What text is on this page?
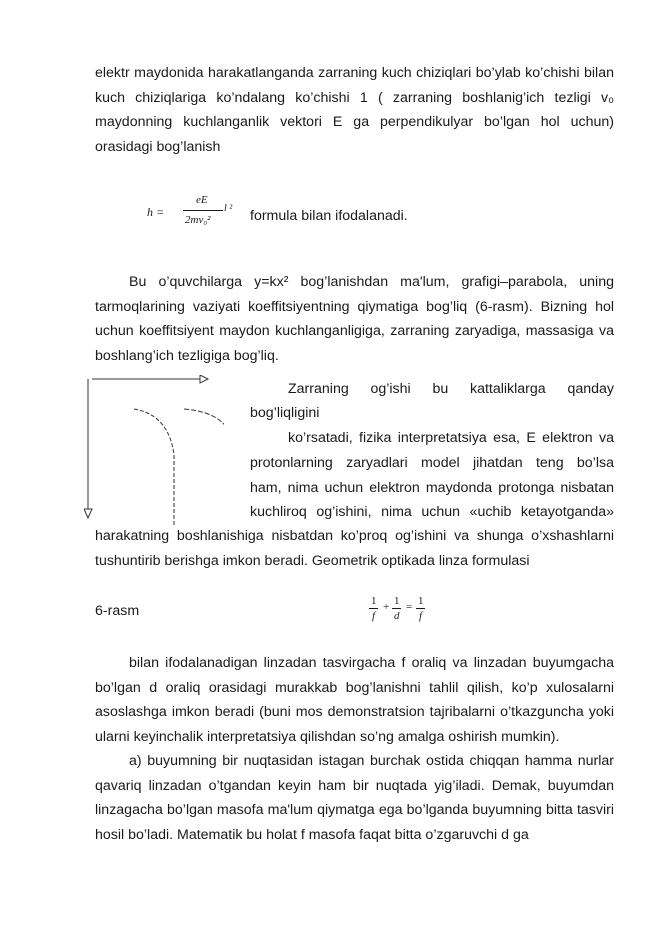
elektr maydonida harakatlanganda zarraning kuch chiziqlari bo’ylab ko’chishi bilan kuch chiziqlariga ko’ndalang ko’chishi 1 ( zarraning boshlanig’ich tezligi v₀ maydonning kuchlanganlik vektori E ga perpendikulyar bo’lgan hol uchun) orasidagi bog’lanish

h =
eE
2mv₀²
l ² formula bilan ifodalanadi.

Bu o’quvchilarga y=kx² bog’lanishdan ma'lum, grafigi–parabola, uning tarmoqlarining vaziyati koeffitsiyentning qiymatiga bog’liq (6-rasm). Bizning hol uchun koeffitsiyent maydon kuchlanganligiga, zarraning zaryadiga, massasiga va boshlang’ich tezligiga bog’liq.

Zarraning og’ishi bu kattaliklarga qanday
bog’liqligini
ko’rsatadi, fizika interpretatsiya esa, E elektron va
protonlarning zaryadlari model jihatdan teng bo’lsa
ham, nima uchun elektron maydonda protonga nisbatan
kuchliroq og’ishini, nima uchun «uchib ketayotganda»

harakatning boshlanishiga nisbatdan ko’proq og’ishini va shunga o’xshashlarni tushuntirib berishga imkon beradi. Geometrik optikada linza formulasi

6-rasm
1
f
+ 1
d
= 1
f

bilan ifodalanadigan linzadan tasvirgacha f oraliq va linzadan buyumgacha bo’lgan d oraliq orasidagi murakkab bog’lanishni tahlil qilish, ko’p xulosalarni asoslashga imkon beradi (buni mos demonstratsion tajribalarni o’tkazguncha yoki ularni keyinchalik interpretatsiya qilishdan so’ng amalga oshirish mumkin).

a) buyumning bir nuqtasidan istagan burchak ostida chiqqan hamma nurlar qavariq linzadan o’tgandan keyin ham bir nuqtada yig’iladi. Demak, buyumdan linzagacha bo’lgan masofa ma'lum qiymatga ega bo’lganda buyumning bitta tasviri hosil bo’ladi. Matematik bu holat f masofa faqat bitta o’zgaruvchi d ga
